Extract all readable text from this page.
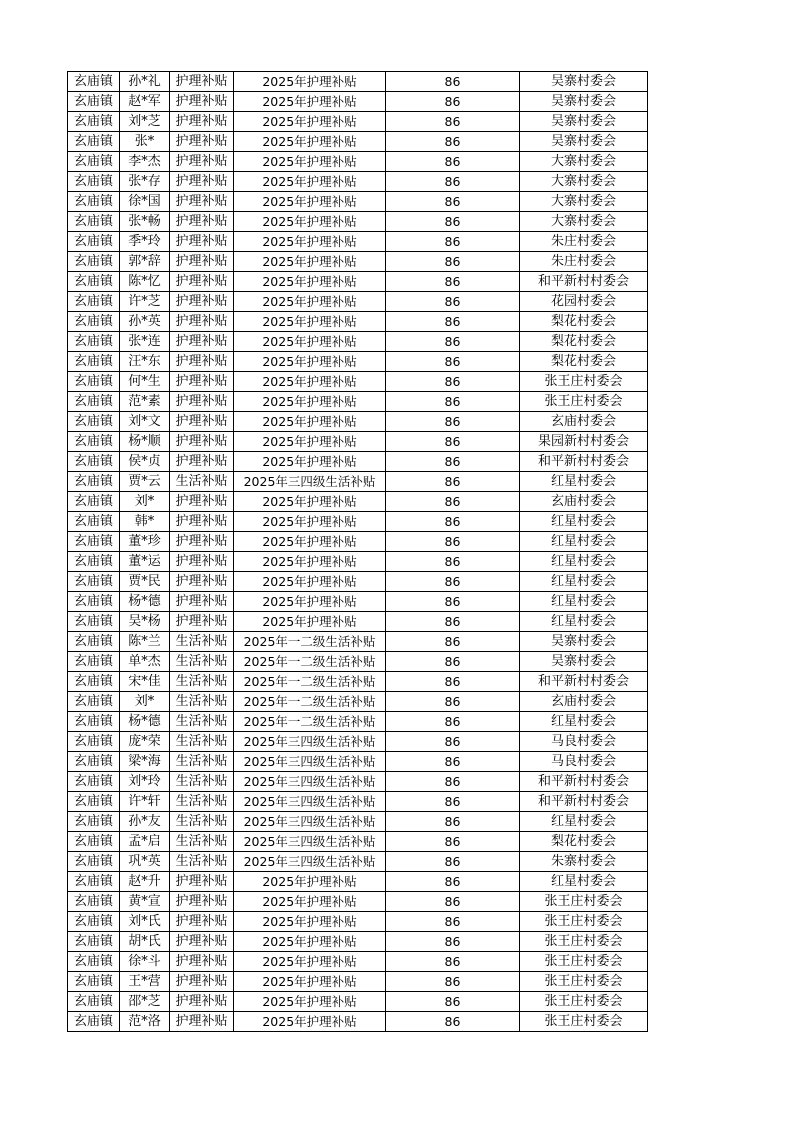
玄庙镇	孙*礼	护理补贴	2025年护理补贴	86	吴寨村委会
玄庙镇	赵*军	护理补贴	2025年护理补贴	86	吴寨村委会
玄庙镇	刘*芝	护理补贴	2025年护理补贴	86	吴寨村委会
玄庙镇	张*	护理补贴	2025年护理补贴	86	吴寨村委会
玄庙镇	李*杰	护理补贴	2025年护理补贴	86	大寨村委会
玄庙镇	张*存	护理补贴	2025年护理补贴	86	大寨村委会
玄庙镇	徐*国	护理补贴	2025年护理补贴	86	大寨村委会
玄庙镇	张*畅	护理补贴	2025年护理补贴	86	大寨村委会
玄庙镇	季*玲	护理补贴	2025年护理补贴	86	朱庄村委会
玄庙镇	郭*辞	护理补贴	2025年护理补贴	86	朱庄村委会
玄庙镇	陈*忆	护理补贴	2025年护理补贴	86	和平新村村委会
玄庙镇	许*芝	护理补贴	2025年护理补贴	86	花园村委会
玄庙镇	孙*英	护理补贴	2025年护理补贴	86	梨花村委会
玄庙镇	张*连	护理补贴	2025年护理补贴	86	梨花村委会
玄庙镇	汪*东	护理补贴	2025年护理补贴	86	梨花村委会
玄庙镇	何*生	护理补贴	2025年护理补贴	86	张王庄村委会
玄庙镇	范*素	护理补贴	2025年护理补贴	86	张王庄村委会
玄庙镇	刘*文	护理补贴	2025年护理补贴	86	玄庙村委会
玄庙镇	杨*顺	护理补贴	2025年护理补贴	86	果园新村村委会
玄庙镇	侯*贞	护理补贴	2025年护理补贴	86	和平新村村委会
玄庙镇	贾*云	生活补贴	2025年三四级生活补贴	86	红星村委会
玄庙镇	刘*	护理补贴	2025年护理补贴	86	玄庙村委会
玄庙镇	韩*	护理补贴	2025年护理补贴	86	红星村委会
玄庙镇	董*珍	护理补贴	2025年护理补贴	86	红星村委会
玄庙镇	董*运	护理补贴	2025年护理补贴	86	红星村委会
玄庙镇	贾*民	护理补贴	2025年护理补贴	86	红星村委会
玄庙镇	杨*德	护理补贴	2025年护理补贴	86	红星村委会
玄庙镇	吴*杨	护理补贴	2025年护理补贴	86	红星村委会
玄庙镇	陈*兰	生活补贴	2025年一二级生活补贴	86	吴寨村委会
玄庙镇	单*杰	生活补贴	2025年一二级生活补贴	86	吴寨村委会
玄庙镇	宋*佳	生活补贴	2025年一二级生活补贴	86	和平新村村委会
玄庙镇	刘*	生活补贴	2025年一二级生活补贴	86	玄庙村委会
玄庙镇	杨*德	生活补贴	2025年一二级生活补贴	86	红星村委会
玄庙镇	庞*荣	生活补贴	2025年三四级生活补贴	86	马良村委会
玄庙镇	梁*海	生活补贴	2025年三四级生活补贴	86	马良村委会
玄庙镇	刘*玲	生活补贴	2025年三四级生活补贴	86	和平新村村委会
玄庙镇	许*轩	生活补贴	2025年三四级生活补贴	86	和平新村村委会
玄庙镇	孙*友	生活补贴	2025年三四级生活补贴	86	红星村委会
玄庙镇	孟*启	生活补贴	2025年三四级生活补贴	86	梨花村委会
玄庙镇	巩*英	生活补贴	2025年三四级生活补贴	86	朱寨村委会
玄庙镇	赵*升	护理补贴	2025年护理补贴	86	红星村委会
玄庙镇	黄*宣	护理补贴	2025年护理补贴	86	张王庄村委会
玄庙镇	刘*氏	护理补贴	2025年护理补贴	86	张王庄村委会
玄庙镇	胡*氏	护理补贴	2025年护理补贴	86	张王庄村委会
玄庙镇	徐*斗	护理补贴	2025年护理补贴	86	张王庄村委会
玄庙镇	王*营	护理补贴	2025年护理补贴	86	张王庄村委会
玄庙镇	邵*芝	护理补贴	2025年护理补贴	86	张王庄村委会
玄庙镇	范*洛	护理补贴	2025年护理补贴	86	张王庄村委会
